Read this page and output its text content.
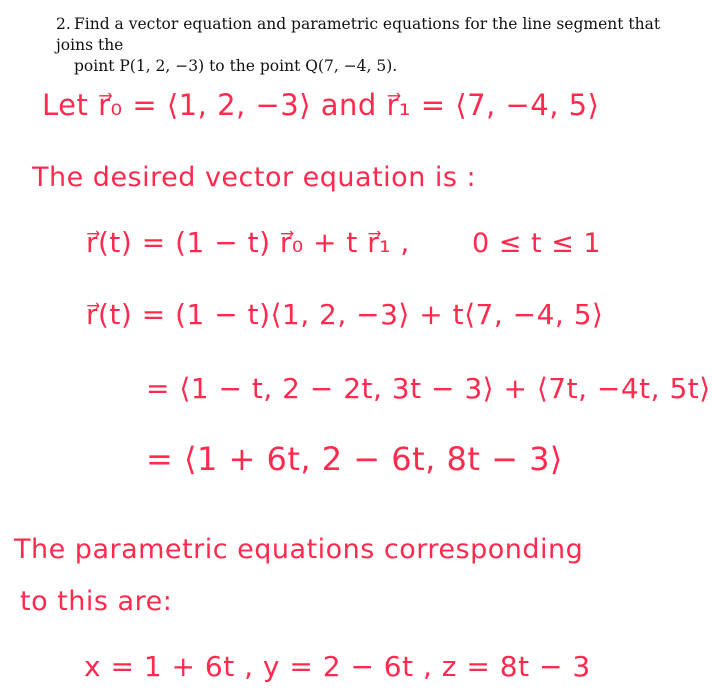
2. Find a vector equation and parametric equations for the line segment that joins the
point P(1, 2, −3) to the point Q(7, −4, 5).
Let r⃗₀ = ⟨1, 2, −3⟩ and r⃗₁ = ⟨7, −4, 5⟩
The desired vector equation is :
r⃗(t) = (1 − t) r⃗₀ + t r⃗₁ , 0 ≤ t ≤ 1
r⃗(t) = (1 − t)⟨1, 2, −3⟩ + t⟨7, −4, 5⟩
= ⟨1 − t, 2 − 2t, 3t − 3⟩ + ⟨7t, −4t, 5t⟩
= ⟨1 + 6t, 2 − 6t, 8t − 3⟩
The parametric equations corresponding
to this are:
x = 1 + 6t , y = 2 − 6t , z = 8t − 3
